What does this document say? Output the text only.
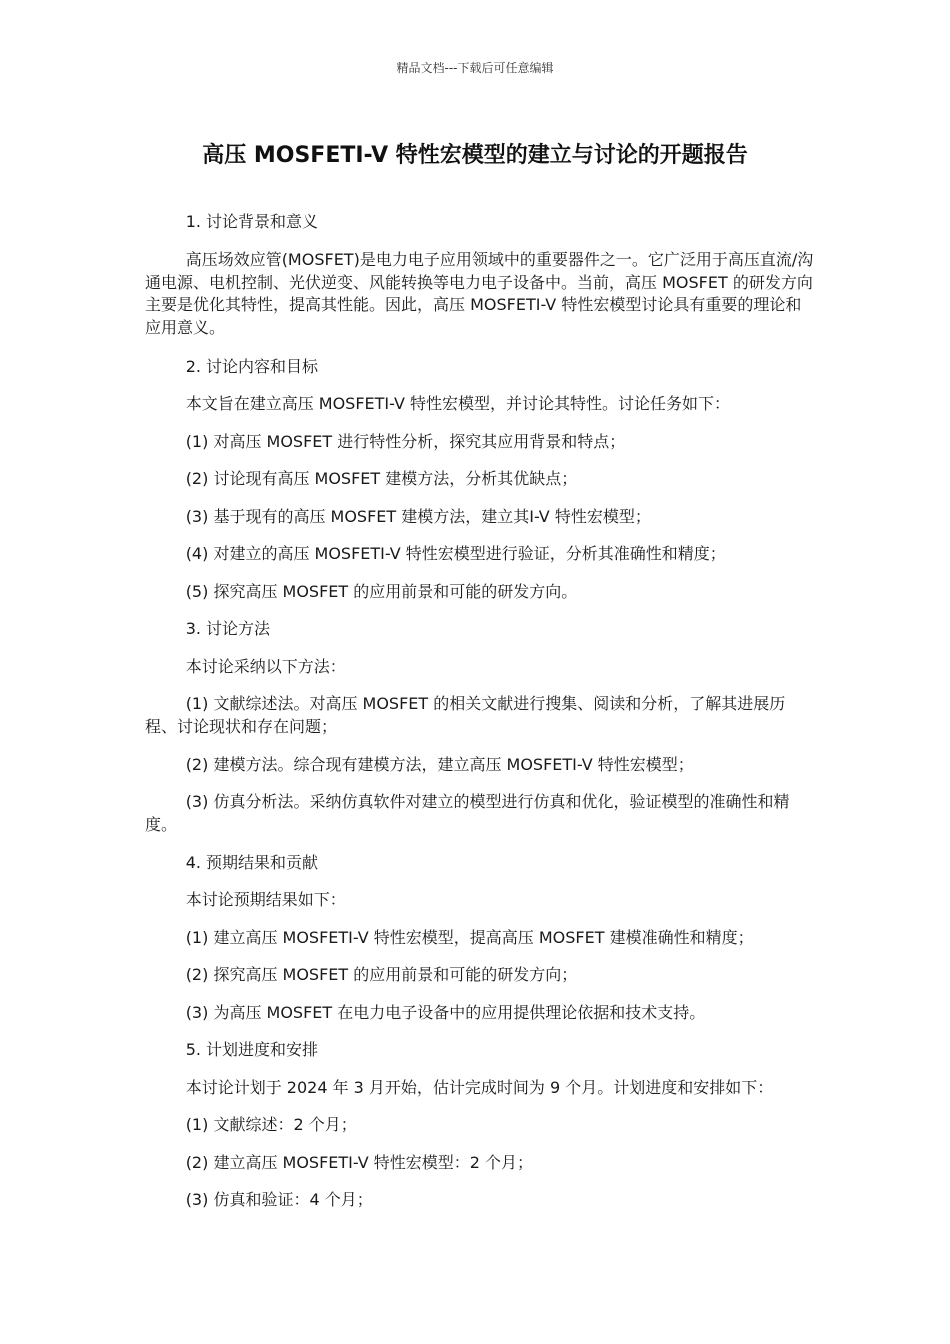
精品文档---下载后可任意编辑
高压 MOSFETI-V 特性宏模型的建立与讨论的开题报告

1. 讨论背景和意义

高压场效应管(MOSFET)是电力电子应用领域中的重要器件之一。它广泛用于高压直流/沟通电源、电机控制、光伏逆变、风能转换等电力电子设备中。当前，高压 MOSFET 的研发方向主要是优化其特性，提高其性能。因此，高压 MOSFETI-V 特性宏模型讨论具有重要的理论和应用意义。

2. 讨论内容和目标

本文旨在建立高压 MOSFETI-V 特性宏模型，并讨论其特性。讨论任务如下：

(1) 对高压 MOSFET 进行特性分析，探究其应用背景和特点；

(2) 讨论现有高压 MOSFET 建模方法，分析其优缺点；

(3) 基于现有的高压 MOSFET 建模方法，建立其Ⅰ-V 特性宏模型；

(4) 对建立的高压 MOSFETI-V 特性宏模型进行验证，分析其准确性和精度；

(5) 探究高压 MOSFET 的应用前景和可能的研发方向。

3. 讨论方法

本讨论采纳以下方法：

(1) 文献综述法。对高压 MOSFET 的相关文献进行搜集、阅读和分析，了解其进展历程、讨论现状和存在问题；

(2) 建模方法。综合现有建模方法，建立高压 MOSFETI-V 特性宏模型；

(3) 仿真分析法。采纳仿真软件对建立的模型进行仿真和优化，验证模型的准确性和精度。

4. 预期结果和贡献

本讨论预期结果如下：

(1) 建立高压 MOSFETI-V 特性宏模型，提高高压 MOSFET 建模准确性和精度；

(2) 探究高压 MOSFET 的应用前景和可能的研发方向；

(3) 为高压 MOSFET 在电力电子设备中的应用提供理论依据和技术支持。

5. 计划进度和安排

本讨论计划于 2024 年 3 月开始，估计完成时间为 9 个月。计划进度和安排如下：

(1) 文献综述：2 个月；

(2) 建立高压 MOSFETI-V 特性宏模型：2 个月；

(3) 仿真和验证：4 个月；
